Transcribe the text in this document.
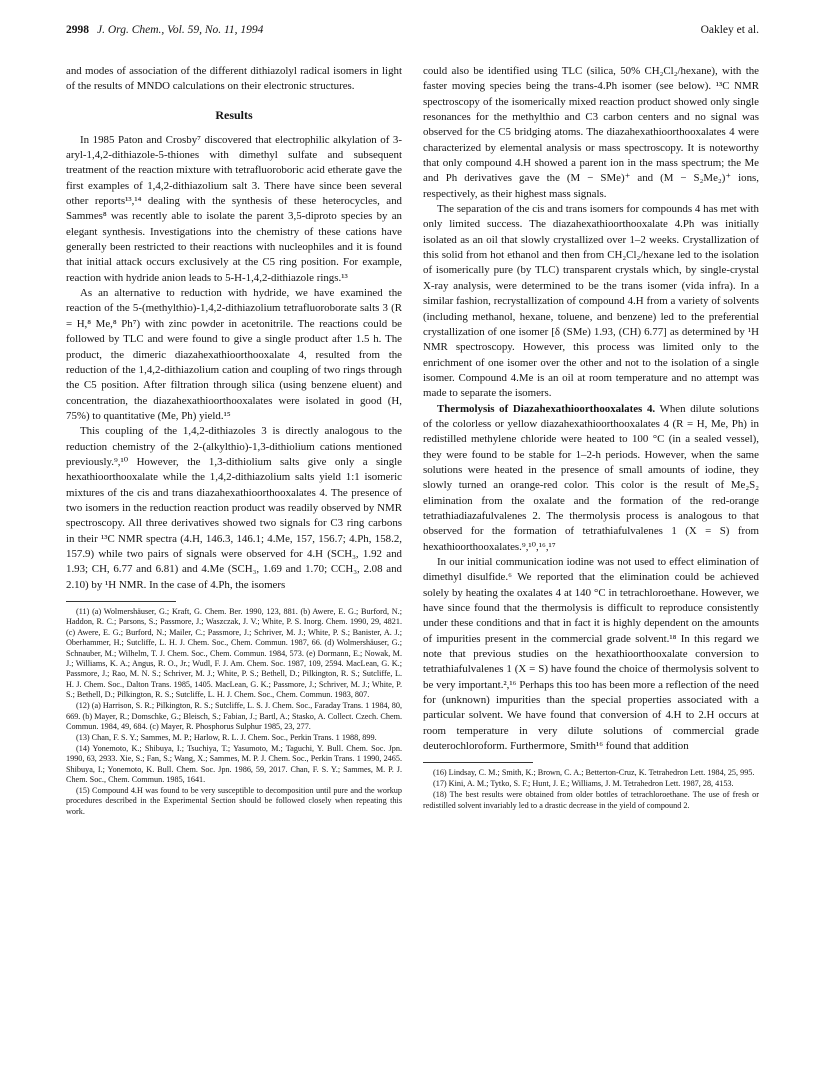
2998 J. Org. Chem., Vol. 59, No. 11, 1994	Oakley et al.

and modes of association of the different dithiazolyl radical isomers in light of the results of MNDO calculations on their electronic structures.

Results

In 1985 Paton and Crosby⁷ discovered that electrophilic alkylation of 3-aryl-1,4,2-dithiazole-5-thiones with dimethyl sulfate and subsequent treatment of the reaction mixture with tetrafluoroboric acid etherate gave the first examples of 1,4,2-dithiazolium salt 3. There have since been several other reports¹³,¹⁴ dealing with the synthesis of these heterocycles, and Sammes⁸ was recently able to isolate the parent 3,5-diproto species by an elegant synthesis. Investigations into the chemistry of these cations have generally been restricted to their reactions with nucleophiles and it is found that initial attack occurs exclusively at the C5 ring position. For example, reaction with hydride anion leads to 5-H-1,4,2-dithiazole rings.¹³

As an alternative to reduction with hydride, we have examined the reaction of the 5-(methylthio)-1,4,2-dithiazolium tetrafluoroborate salts 3 (R = H,⁸ Me,⁸ Ph⁷) with zinc powder in acetonitrile. The reactions could be followed by TLC and were found to give a single product after 1.5 h. The product, the dimeric diazahexathioorthooxalate 4, resulted from the reduction of the 1,4,2-dithiazolium cation and coupling of two rings through the C5 position. After filtration through silica (using benzene eluent) and concentration, the diazahexathioorthooxalates were isolated in good (H, 75%) to quantitative (Me, Ph) yield.¹⁵

This coupling of the 1,4,2-dithiazoles 3 is directly analogous to the reduction chemistry of the 2-(alkylthio)-1,3-dithiolium cations mentioned previously.⁹,¹⁰ However, the 1,3-dithiolium salts give only a single hexathioorthooxalate while the 1,4,2-dithiazolium salts yield 1:1 isomeric mixtures of the cis and trans diazahexathioorthooxalates 4. The presence of two isomers in the reduction reaction product was readily observed by NMR spectroscopy. All three derivatives showed two signals for C3 ring carbons in their ¹³C NMR spectra (4.H, 146.3, 146.1; 4.Me, 157, 156.7; 4.Ph, 158.2, 157.9) while two pairs of signals were observed for 4.H (SCH₃, 1.92 and 1.93; CH, 6.77 and 6.81) and 4.Me (SCH₃, 1.69 and 1.70; CCH₃, 2.08 and 2.10) by ¹H NMR. In the case of 4.Ph, the isomers

(11) (a) Wolmershäuser, G.; Kraft, G. Chem. Ber. 1990, 123, 881. (b) Awere, E. G.; Burford, N.; Haddon, R. C.; Parsons, S.; Passmore, J.; Waszczak, J. V.; White, P. S. Inorg. Chem. 1990, 29, 4821. (c) Awere, E. G.; Burford, N.; Mailer, C.; Passmore, J.; Schriver, M. J.; White, P. S.; Banister, A. J.; Oberhammer, H.; Sutcliffe, L. H. J. Chem. Soc., Chem. Commun. 1987, 66. (d) Wolmershäuser, G.; Schnauber, M.; Wilhelm, T. J. Chem. Soc., Chem. Commun. 1984, 573. (e) Dormann, E.; Nowak, M. J.; Williams, K. A.; Angus, R. O., Jr.; Wudl, F. J. Am. Chem. Soc. 1987, 109, 2594. MacLean, G. K.; Passmore, J.; Rao, M. N. S.; Schriver, M. J.; White, P. S.; Bethell, D.; Pilkington, R. S.; Sutcliffe, L. H. J. Chem. Soc., Dalton Trans. 1985, 1405. MacLean, G. K.; Passmore, J.; Schriver, M. J.; White, P. S.; Bethell, D.; Pilkington, R. S.; Sutcliffe, L. H. J. Chem. Soc., Chem. Commun. 1983, 807.

(12) (a) Harrison, S. R.; Pilkington, R. S.; Sutcliffe, L. S. J. Chem. Soc., Faraday Trans. 1 1984, 80, 669. (b) Mayer, R.; Domschke, G.; Bleisch, S.; Fabian, J.; Bartl, A.; Stasko, A. Collect. Czech. Chem. Commun. 1984, 49, 684. (c) Mayer, R. Phosphorus Sulphur 1985, 23, 277.

(13) Chan, F. S. Y.; Sammes, M. P.; Harlow, R. L. J. Chem. Soc., Perkin Trans. 1 1988, 899.

(14) Yonemoto, K.; Shibuya, I.; Tsuchiya, T.; Yasumoto, M.; Taguchi, Y. Bull. Chem. Soc. Jpn. 1990, 63, 2933. Xie, S.; Fan, S.; Wang, X.; Sammes, M. P. J. Chem. Soc., Perkin Trans. 1 1990, 2465. Shibuya, I.; Yonemoto, K. Bull. Chem. Soc. Jpn. 1986, 59, 2017. Chan, F. S. Y.; Sammes, M. P. J. Chem. Soc., Chem. Commun. 1985, 1641.

(15) Compound 4.H was found to be very susceptible to decomposition until pure and the workup procedures described in the Experimental Section should be followed closely when repeating this work.

could also be identified using TLC (silica, 50% CH₂Cl₂/hexane), with the faster moving species being the trans-4.Ph isomer (see below). ¹³C NMR spectroscopy of the isomerically mixed reaction product showed only single resonances for the methylthio and C3 carbon centers and no signal was observed for the C5 bridging atoms. The diazahexathioorthooxalates 4 were characterized by elemental analysis or mass spectroscopy. It is noteworthy that only compound 4.H showed a parent ion in the mass spectrum; the Me and Ph derivatives gave the (M − SMe)⁺ and (M − S₂Me₂)⁺ ions, respectively, as their highest mass signals.

The separation of the cis and trans isomers for compounds 4 has met with only limited success. The diazahexathioorthooxalate 4.Ph was initially isolated as an oil that slowly crystallized over 1–2 weeks. Crystallization of this solid from hot ethanol and then from CH₂Cl₂/hexane led to the isolation of isomerically pure (by TLC) transparent crystals which, by single-crystal X-ray analysis, were determined to be the trans isomer (vida infra). In a similar fashion, recrystallization of compound 4.H from a variety of solvents (including methanol, hexane, toluene, and benzene) led to the preferential crystallization of one isomer [δ (SMe) 1.93, (CH) 6.77] as determined by ¹H NMR spectroscopy. However, this process was limited only to the enrichment of one isomer over the other and not to the isolation of a single isomer. Compound 4.Me is an oil at room temperature and no attempt was made to separate the isomers.

Thermolysis of Diazahexathioorthooxalates 4. When dilute solutions of the colorless or yellow diazahexathioorthooxalates 4 (R = H, Me, Ph) in redistilled methylene chloride were heated to 100 °C (in a sealed vessel), they were found to be stable for 1–2-h periods. However, when the same solutions were heated in the presence of small amounts of iodine, they slowly turned an orange-red color. This color is the result of Me₂S₂ elimination from the oxalate and the formation of the red-orange tetrathiadiazafulvalenes 2. The thermolysis process is analogous to that observed for the formation of tetrathiafulvalenes 1 (X = S) from hexathioorthooxalates.⁹,¹⁰,¹⁶,¹⁷

In our initial communication iodine was not used to effect elimination of dimethyl disulfide.⁶ We reported that the elimination could be achieved solely by heating the oxalates 4 at 140 °C in tetrachloroethane. However, we have since found that the thermolysis is difficult to reproduce consistently under these conditions and that in fact it is highly dependent on the amounts of impurities present in the commercial grade solvent.¹⁸ In this regard we note that previous studies on the hexathioorthooxalate conversion to tetrathiafulvalenes 1 (X = S) have found the choice of thermolysis solvent to be very important.²,¹⁶ Perhaps this too has been more a reflection of the need for (unknown) impurities than the special properties associated with a particular solvent. We have found that conversion of 4.H to 2.H occurs at room temperature in very dilute solutions of commercial grade deuterochloroform. Furthermore, Smith¹⁶ found that addition

(16) Lindsay, C. M.; Smith, K.; Brown, C. A.; Betterton-Cruz, K. Tetrahedron Lett. 1984, 25, 995.

(17) Kini, A. M.; Tytko, S. F.; Hunt, J. E.; Williams, J. M. Tetrahedron Lett. 1987, 28, 4153.

(18) The best results were obtained from older bottles of tetrachloroethane. The use of fresh or redistilled solvent invariably led to a drastic decrease in the yield of compound 2.
